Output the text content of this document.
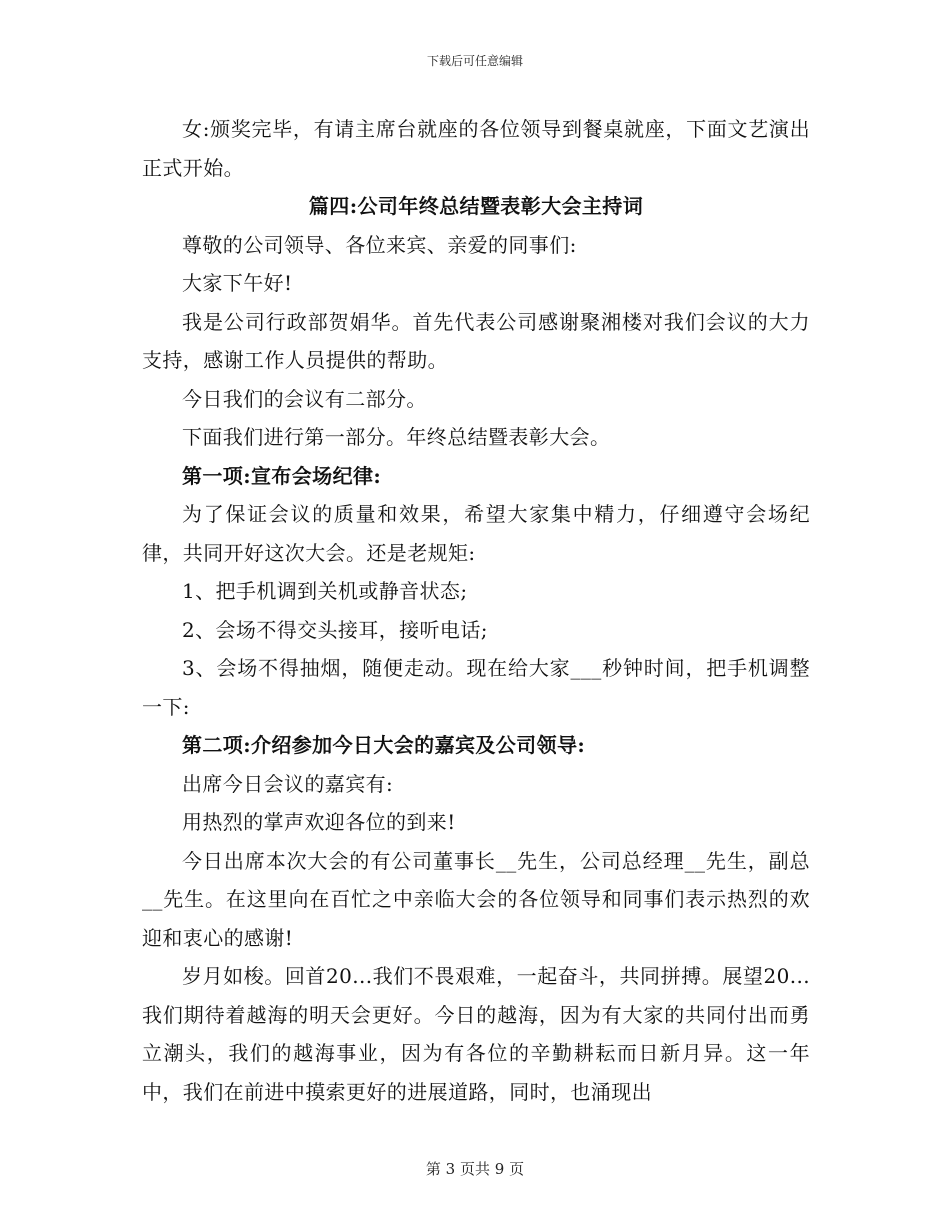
下载后可任意编辑

女:颁奖完毕，有请主席台就座的各位领导到餐桌就座，下面文艺演出正式开始。

篇四:公司年终总结暨表彰大会主持词

尊敬的公司领导、各位来宾、亲爱的同事们:

大家下午好!

我是公司行政部贺娟华。首先代表公司感谢聚湘楼对我们会议的大力支持，感谢工作人员提供的帮助。

今日我们的会议有二部分。

下面我们进行第一部分。年终总结暨表彰大会。

第一项:宣布会场纪律:

为了保证会议的质量和效果，希望大家集中精力，仔细遵守会场纪律，共同开好这次大会。还是老规矩:

1、把手机调到关机或静音状态;

2、会场不得交头接耳，接听电话;

3、会场不得抽烟，随便走动。现在给大家___秒钟时间，把手机调整一下:

第二项:介绍参加今日大会的嘉宾及公司领导:

出席今日会议的嘉宾有:

用热烈的掌声欢迎各位的到来!

今日出席本次大会的有公司董事长__先生，公司总经理__先生，副总__先生。在这里向在百忙之中亲临大会的各位领导和同事们表示热烈的欢迎和衷心的感谢!

岁月如梭。回首20...我们不畏艰难，一起奋斗，共同拼搏。展望20...我们期待着越海的明天会更好。今日的越海，因为有大家的共同付出而勇立潮头，我们的越海事业，因为有各位的辛勤耕耘而日新月异。这一年中，我们在前进中摸索更好的进展道路，同时，也涌现出

第 3 页共 9 页
